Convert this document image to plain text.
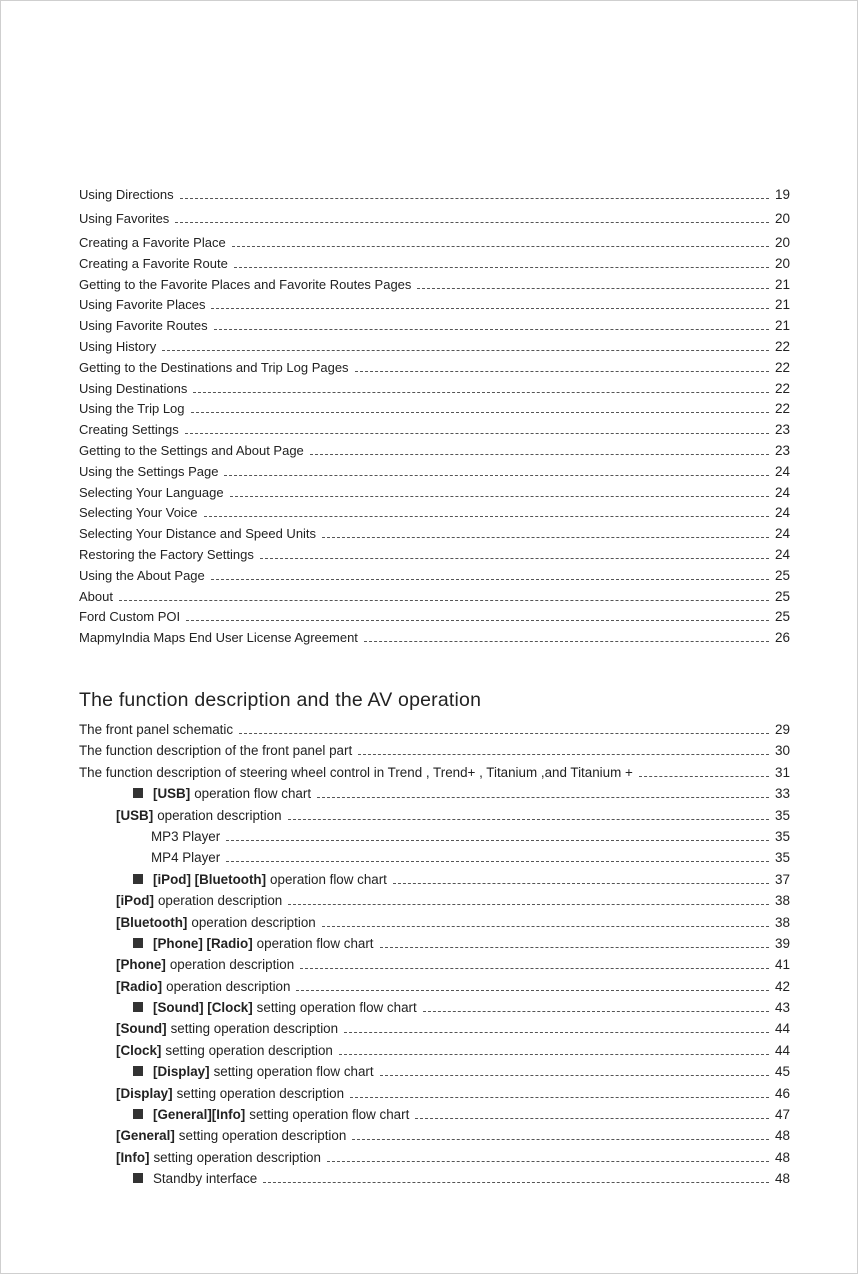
Using Directions	19
Using Favorites	20
Creating a Favorite Place	20
Creating a Favorite Route	20
Getting to the Favorite Places and Favorite Routes Pages	21
Using Favorite Places	21
Using Favorite Routes	21
Using History	22
Getting to the Destinations and Trip Log Pages	22
Using Destinations	22
Using the Trip Log	22
Creating Settings	23
Getting to the Settings and About Page	23
Using the Settings Page	24
Selecting Your Language	24
Selecting Your Voice	24
Selecting Your Distance and Speed Units	24
Restoring the Factory Settings	24
Using the About Page	25
About	25
Ford Custom POI	25
MapmyIndia Maps End User License Agreement	26
The function description and the AV operation
The front panel schematic	29
The function description of the front panel part	30
The function description of steering wheel control in Trend , Trend+ , Titanium ,and Titanium +	31
[USB] operation flow chart	33
[USB] operation description	35
MP3 Player	35
MP4 Player	35
[iPod] [Bluetooth] operation flow chart	37
[iPod] operation description	38
[Bluetooth] operation description	38
[Phone] [Radio] operation flow chart	39
[Phone] operation description	41
[Radio] operation description	42
[Sound] [Clock] setting operation flow chart	43
[Sound] setting operation description	44
[Clock] setting operation description	44
[Display] setting operation flow chart	45
[Display] setting operation description	46
[General][Info] setting operation flow chart	47
[General] setting operation description	48
[Info] setting operation description	48
Standby interface	48
